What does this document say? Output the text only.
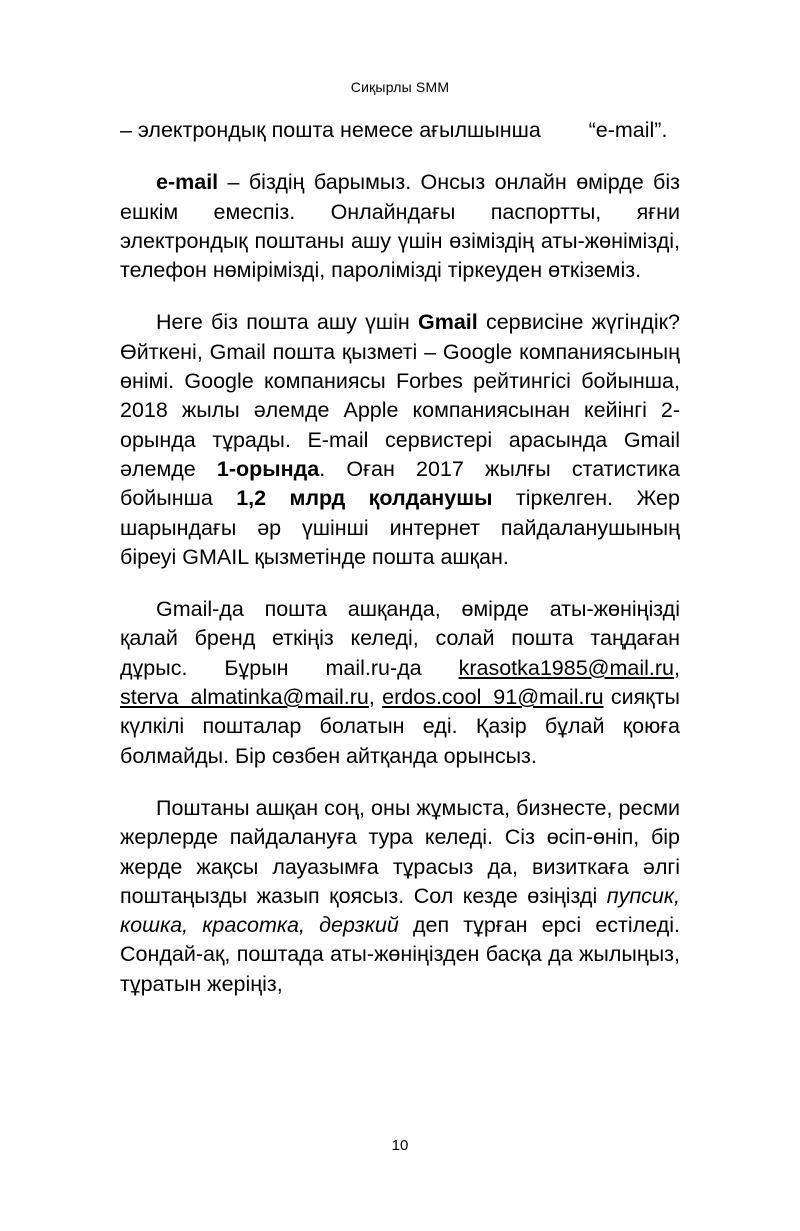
Сиқырлы SMM

– электрондық пошта немесе ағылшынша        “e-mail”.

e-mail – біздің барымыз. Онсыз онлайн өмірде біз ешкім емеспіз. Онлайндағы паспортты, яғни электрондық поштаны ашу үшін өзіміздің аты-жөнімізді, телефон нөмірімізді, паролімізді тіркеуден өткіземіз.

Неге біз пошта ашу үшін Gmail сервисіне жүгіндік? Өйткені, Gmail пошта қызметі – Google компаниясының өнімі. Google компаниясы Forbes рейтингісі бойынша, 2018 жылы әлемде Apple компаниясынан кейінгі 2-орында тұрады. E-mail сервистері арасында Gmail әлемде 1-орында. Оған 2017 жылғы статистика бойынша 1,2 млрд қолданушы тіркелген. Жер шарындағы әр үшінші интернет пайдаланушының біреуі GMAIL қызметінде пошта ашқан.

Gmail-да пошта ашқанда, өмірде аты-жөніңізді қалай бренд еткіңіз келеді, солай пошта таңдаған дұрыс. Бұрын mail.ru-да krasotka1985@mail.ru, sterva_almatinka@mail.ru, erdos.cool_91@mail.ru сияқты күлкілі пошталар болатын еді. Қазір бұлай қоюға болмайды. Бір сөзбен айтқанда орынсыз.

Поштаны ашқан соң, оны жұмыста, бизнесте, ресми жерлерде пайдалануға тура келеді. Сіз өсіп-өніп, бір жерде жақсы лауазымға тұрасыз да, визиткаға әлгі поштаңызды жазып қоясыз. Сол кезде өзіңізді пупсик, кошка, красотка, дерзкий деп тұрған ерсі естіледі. Сондай-ақ, поштада аты-жөніңізден басқа да жылыңыз, тұратын жеріңіз,

10
